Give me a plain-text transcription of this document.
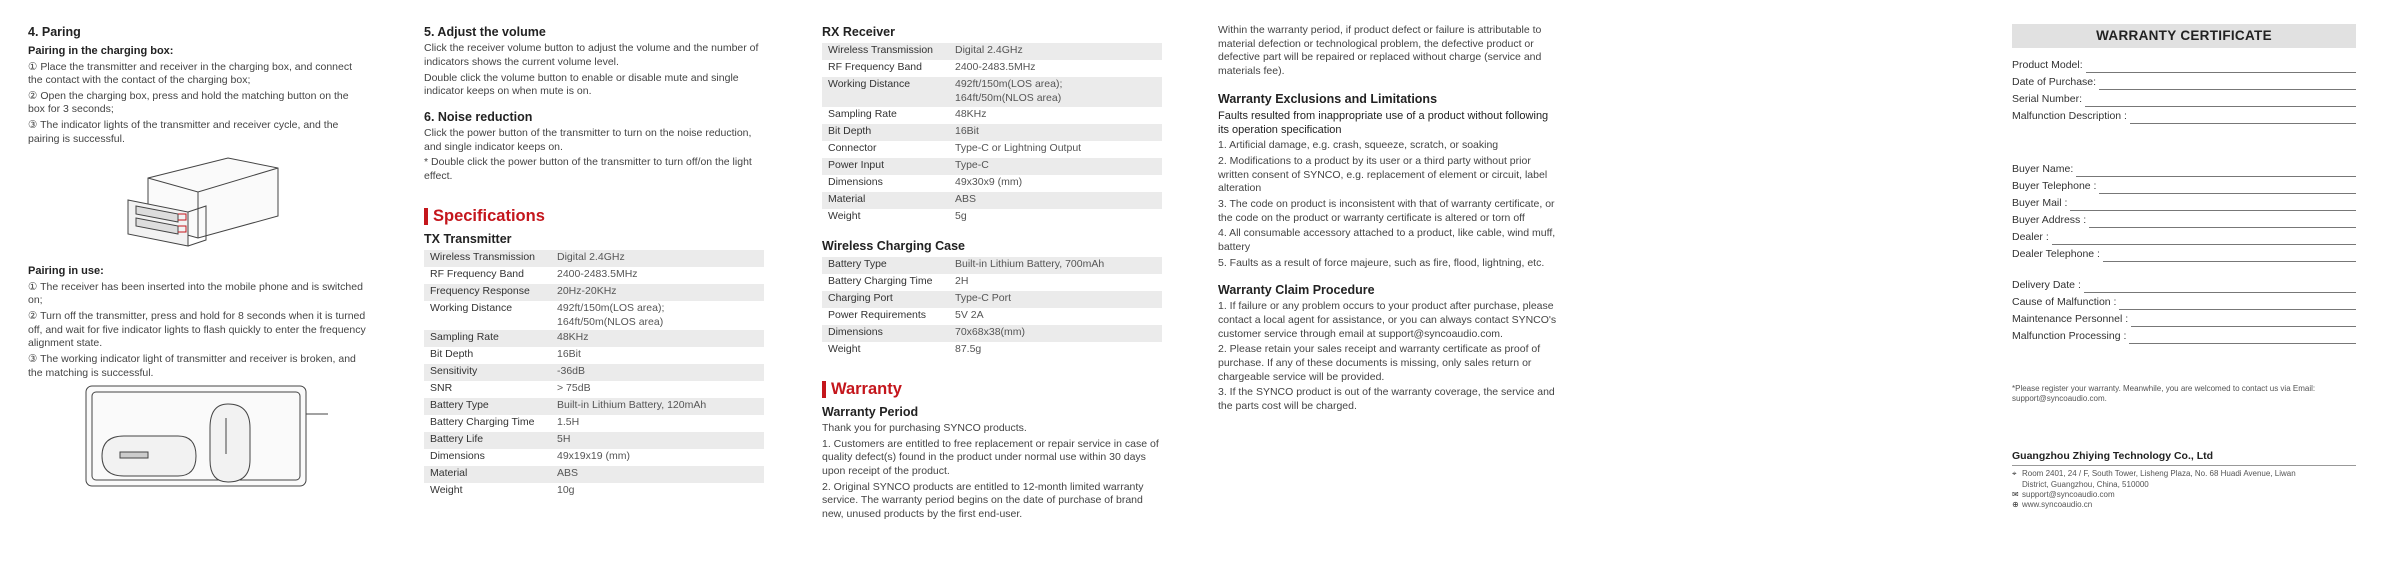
4. Paring
Pairing in the charging box:

① Place the transmitter and receiver in the charging box, and connect the contact with the contact of the charging box;

② Open the charging box, press and hold the matching button on the box for 3 seconds;

③ The indicator lights of the transmitter and receiver cycle, and the pairing is successful.

Pairing in use:

① The receiver has been inserted into the mobile phone and is switched on;

② Turn off the transmitter, press and hold for 8 seconds when it is turned off, and wait for five indicator lights to flash quickly to enter the frequency alignment state.

③ The working indicator light of transmitter and receiver is broken, and the matching is successful.

5. Adjust the volume

Click the receiver volume button to adjust the volume and the number of indicators shows the current volume level.

Double click the volume button to enable or disable mute and single indicator keeps on when mute is on.

6. Noise reduction

Click the power button of the transmitter to turn on the noise reduction, and single indicator keeps on.

* Double click the power button of the transmitter to turn off/on the light effect.

Specifications
TX Transmitter
Wireless Transmission	Digital 2.4GHz
RF Frequency Band	2400-2483.5MHz
Frequency Response	20Hz-20KHz
Working Distance	492ft/150m(LOS area);
164ft/50m(NLOS area)
Sampling Rate	48KHz
Bit Depth	16Bit
Sensitivity	-36dB
SNR	> 75dB
Battery Type	Built-in Lithium Battery, 120mAh
Battery Charging Time	1.5H
Battery Life	5H
Dimensions	49x19x19 (mm)
Material	ABS
Weight	10g
RX Receiver
Wireless Transmission	Digital 2.4GHz
RF Frequency Band	2400-2483.5MHz
Working Distance	492ft/150m(LOS area);
164ft/50m(NLOS area)
Sampling Rate	48KHz
Bit Depth	16Bit
Connector	Type-C or Lightning Output
Power Input	Type-C
Dimensions	49x30x9 (mm)
Material	ABS
Weight	5g
Wireless Charging Case
Battery Type	Built-in Lithium Battery, 700mAh
Battery Charging Time	2H
Charging Port	Type-C Port
Power Requirements	5V 2A
Dimensions	70x68x38(mm)
Weight	87.5g
Warranty
Warranty Period

Thank you for purchasing SYNCO products.

1. Customers are entitled to free replacement or repair service in case of quality defect(s) found in the product under normal use within 30 days upon receipt of the product.

2. Original SYNCO products are entitled to 12-month limited warranty service. The warranty period begins on the date of purchase of brand new, unused products by the first end-user.

Within the warranty period, if product defect or failure is attributable to material defection or technological problem, the defective product or defective part will be repaired or replaced without charge (service and materials fee).

Warranty Exclusions and Limitations
Faults resulted from inappropriate use of a product without following its operation specification

1. Artificial damage, e.g. crash, squeeze, scratch, or soaking

2. Modifications to a product by its user or a third party without prior written consent of SYNCO, e.g. replacement of element or circuit, label alteration

3. The code on product is inconsistent with that of warranty certificate, or the code on the product or warranty certificate is altered or torn off

4. All consumable accessory attached to a product, like cable, wind muff, battery

5. Faults as a result of force majeure, such as fire, flood, lightning, etc.

Warranty Claim Procedure

1. If failure or any problem occurs to your product after purchase, please contact a local agent for assistance, or you can always contact SYNCO's customer service through email at support@syncoaudio.com.

2. Please retain your sales receipt and warranty certificate as proof of purchase. If any of these documents is missing, only sales return or chargeable service will be provided.

3. If the SYNCO product is out of the warranty coverage, the service and the parts cost will be charged.

WARRANTY CERTIFICATE
Product Model:
Date of Purchase:
Serial Number:
Malfunction Description :
Buyer Name:
Buyer Telephone :
Buyer Mail :
Buyer Address :
Dealer :
Dealer Telephone :
Delivery Date :
Cause of Malfunction :
Maintenance Personnel :
Malfunction Processing :
*Please register your warranty. Meanwhile, you are welcomed to contact us via Email: support@syncoaudio.com.
Guangzhou Zhiying Technology Co., Ltd
⌖ Room 2401, 24 / F, South Tower, Lisheng Plaza, No. 68 Huadi Avenue, Liwan District, Guangzhou, China, 510000
✉ support@syncoaudio.com
⊕ www.syncoaudio.cn
